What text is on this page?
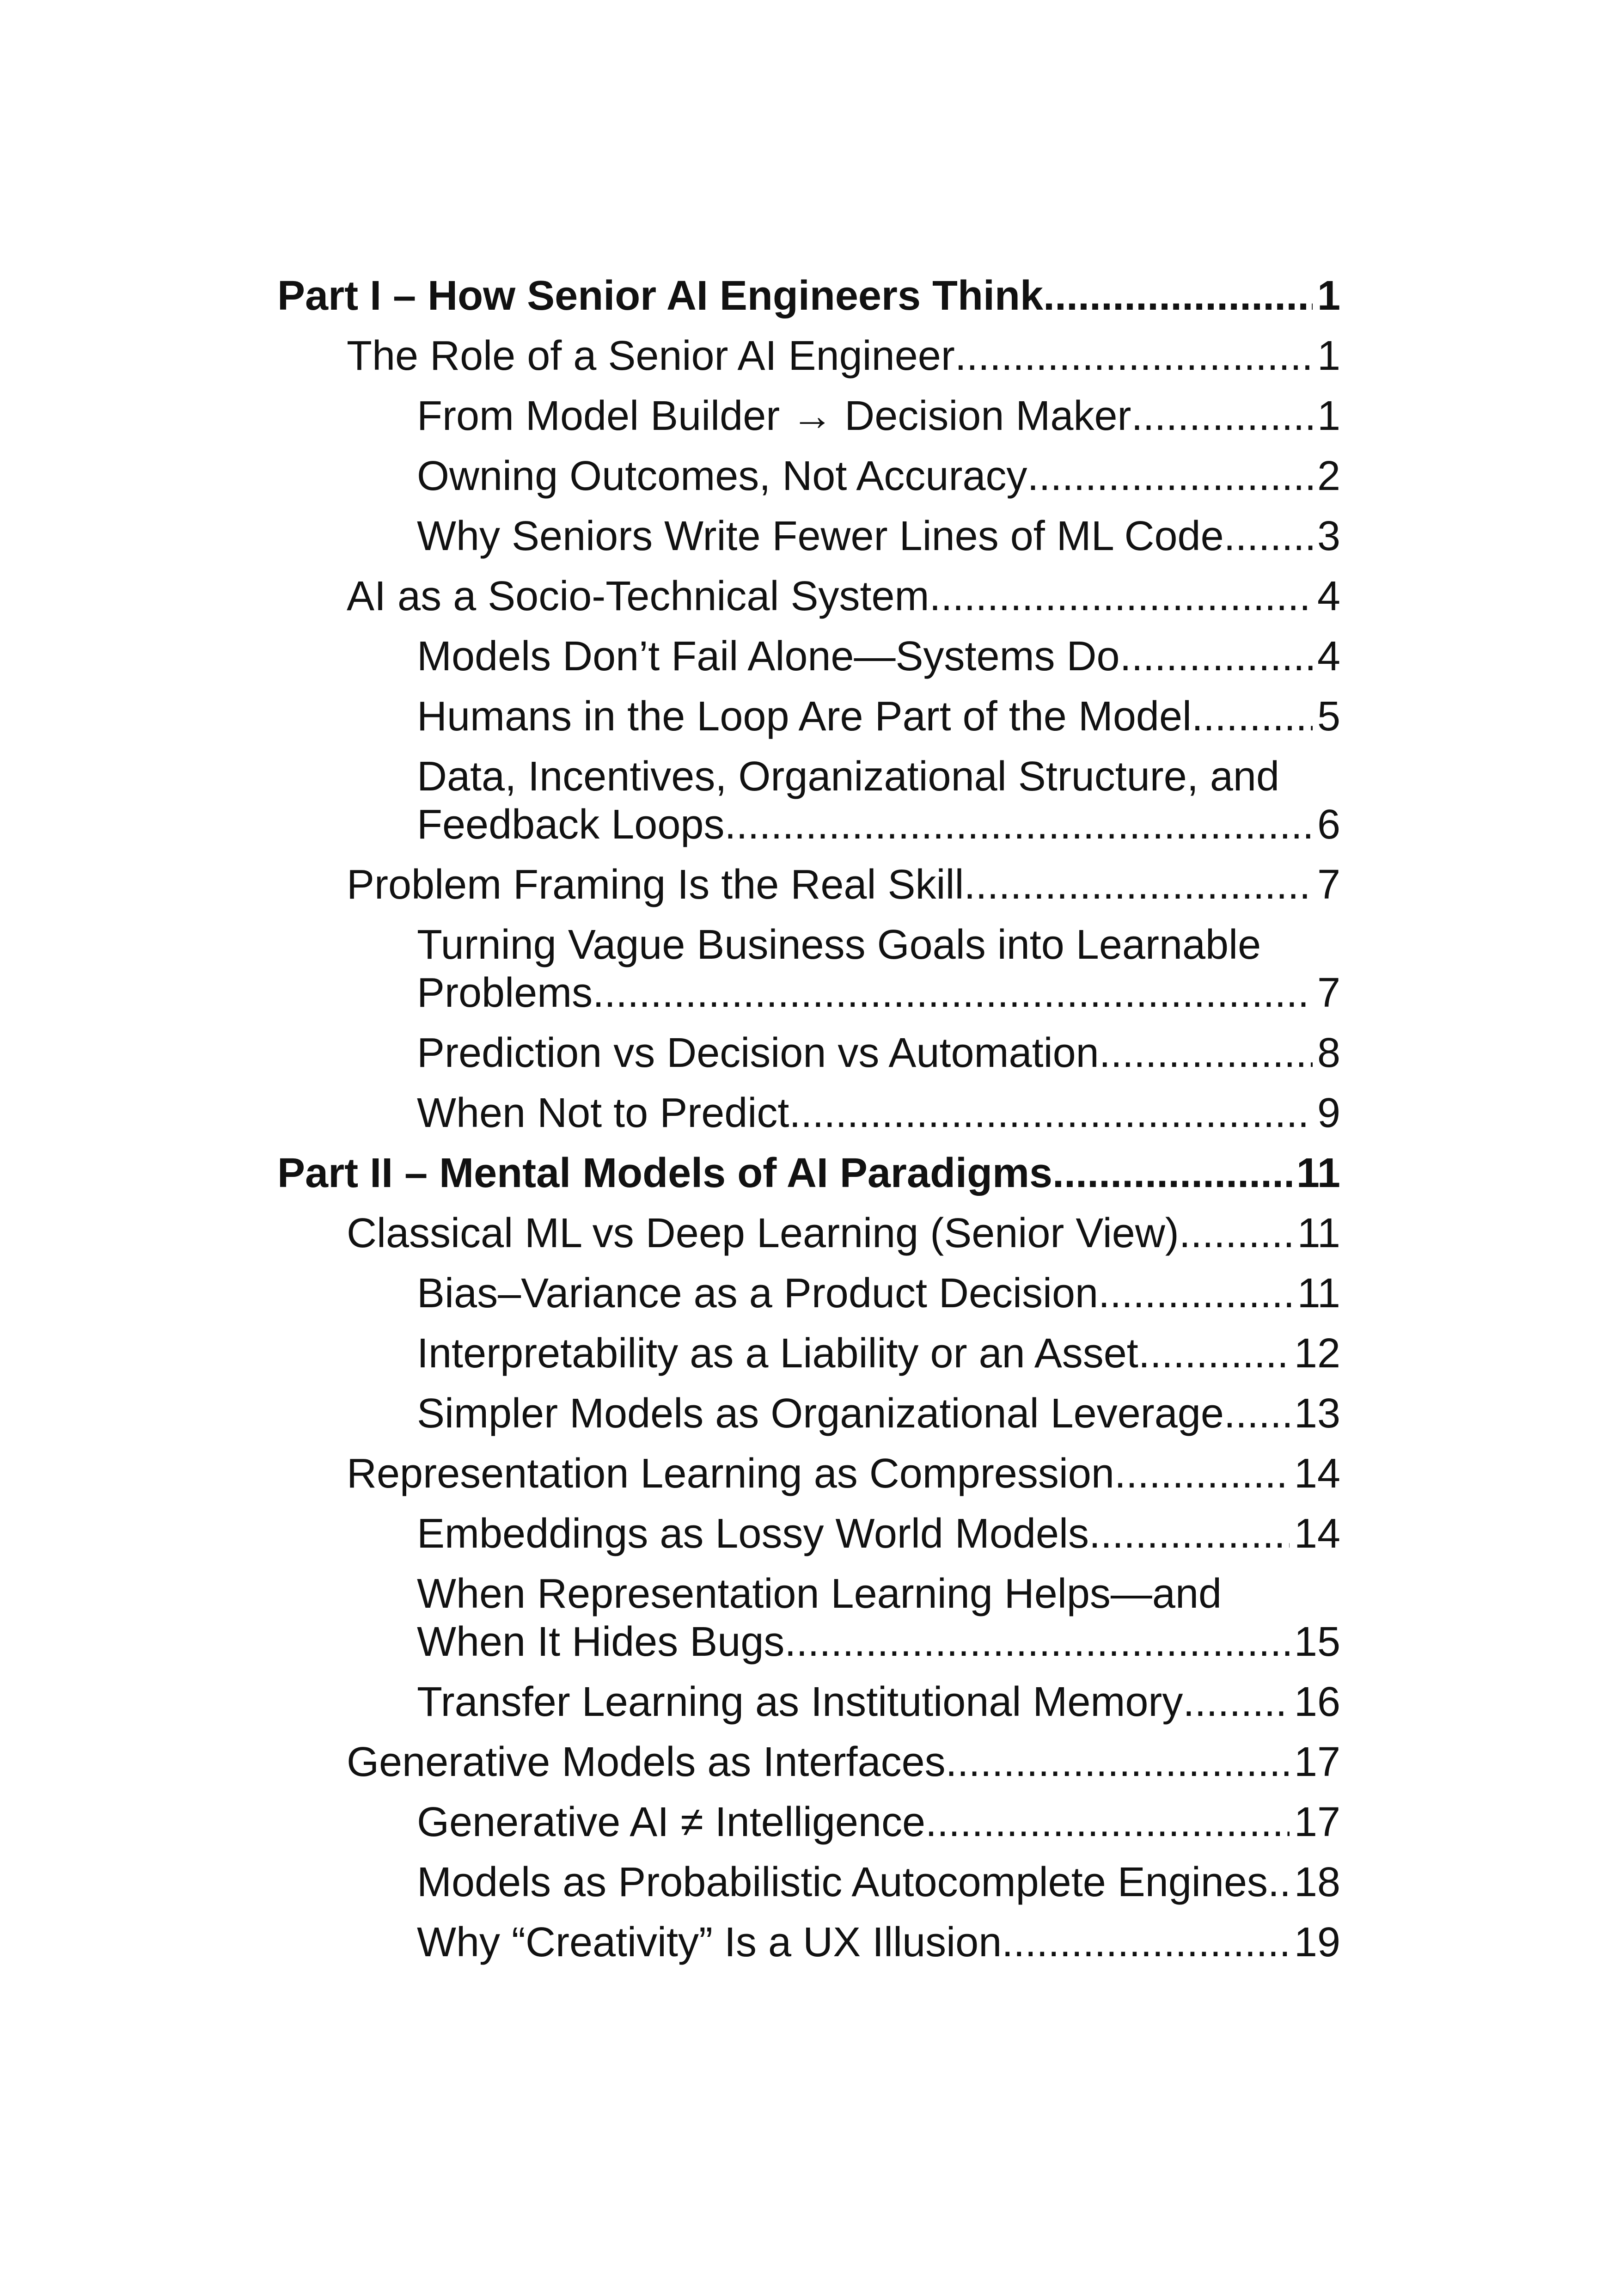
Part I – How Senior AI Engineers Think .....	1
The Role of a Senior AI Engineer .....	1
From Model Builder → Decision Maker .....	1
Owning Outcomes, Not Accuracy .....	2
Why Seniors Write Fewer Lines of ML Code ..... 3
AI as a Socio-Technical System .....	4
Models Don’t Fail Alone—Systems Do .....	4
Humans in the Loop Are Part of the Model .....	5
Data, Incentives, Organizational Structure, and
Feedback Loops .....	6
Problem Framing Is the Real Skill .....	7
Turning Vague Business Goals into Learnable
Problems .....	7
Prediction vs Decision vs Automation .....	8
When Not to Predict .....	9
Part II – Mental Models of AI Paradigms .....	11
Classical ML vs Deep Learning (Senior View) .....	11
Bias–Variance as a Product Decision .....	11
Interpretability as a Liability or an Asset .....	12
Simpler Models as Organizational Leverage ..... 13
Representation Learning as Compression .....	14
Embeddings as Lossy World Models .....	14
When Representation Learning Helps—and
When It Hides Bugs .....	15
Transfer Learning as Institutional Memory .....	16
Generative Models as Interfaces .....	17
Generative AI ≠ Intelligence .....	17
Models as Probabilistic Autocomplete Engines ..... 18
Why “Creativity” Is a UX Illusion .....	19
